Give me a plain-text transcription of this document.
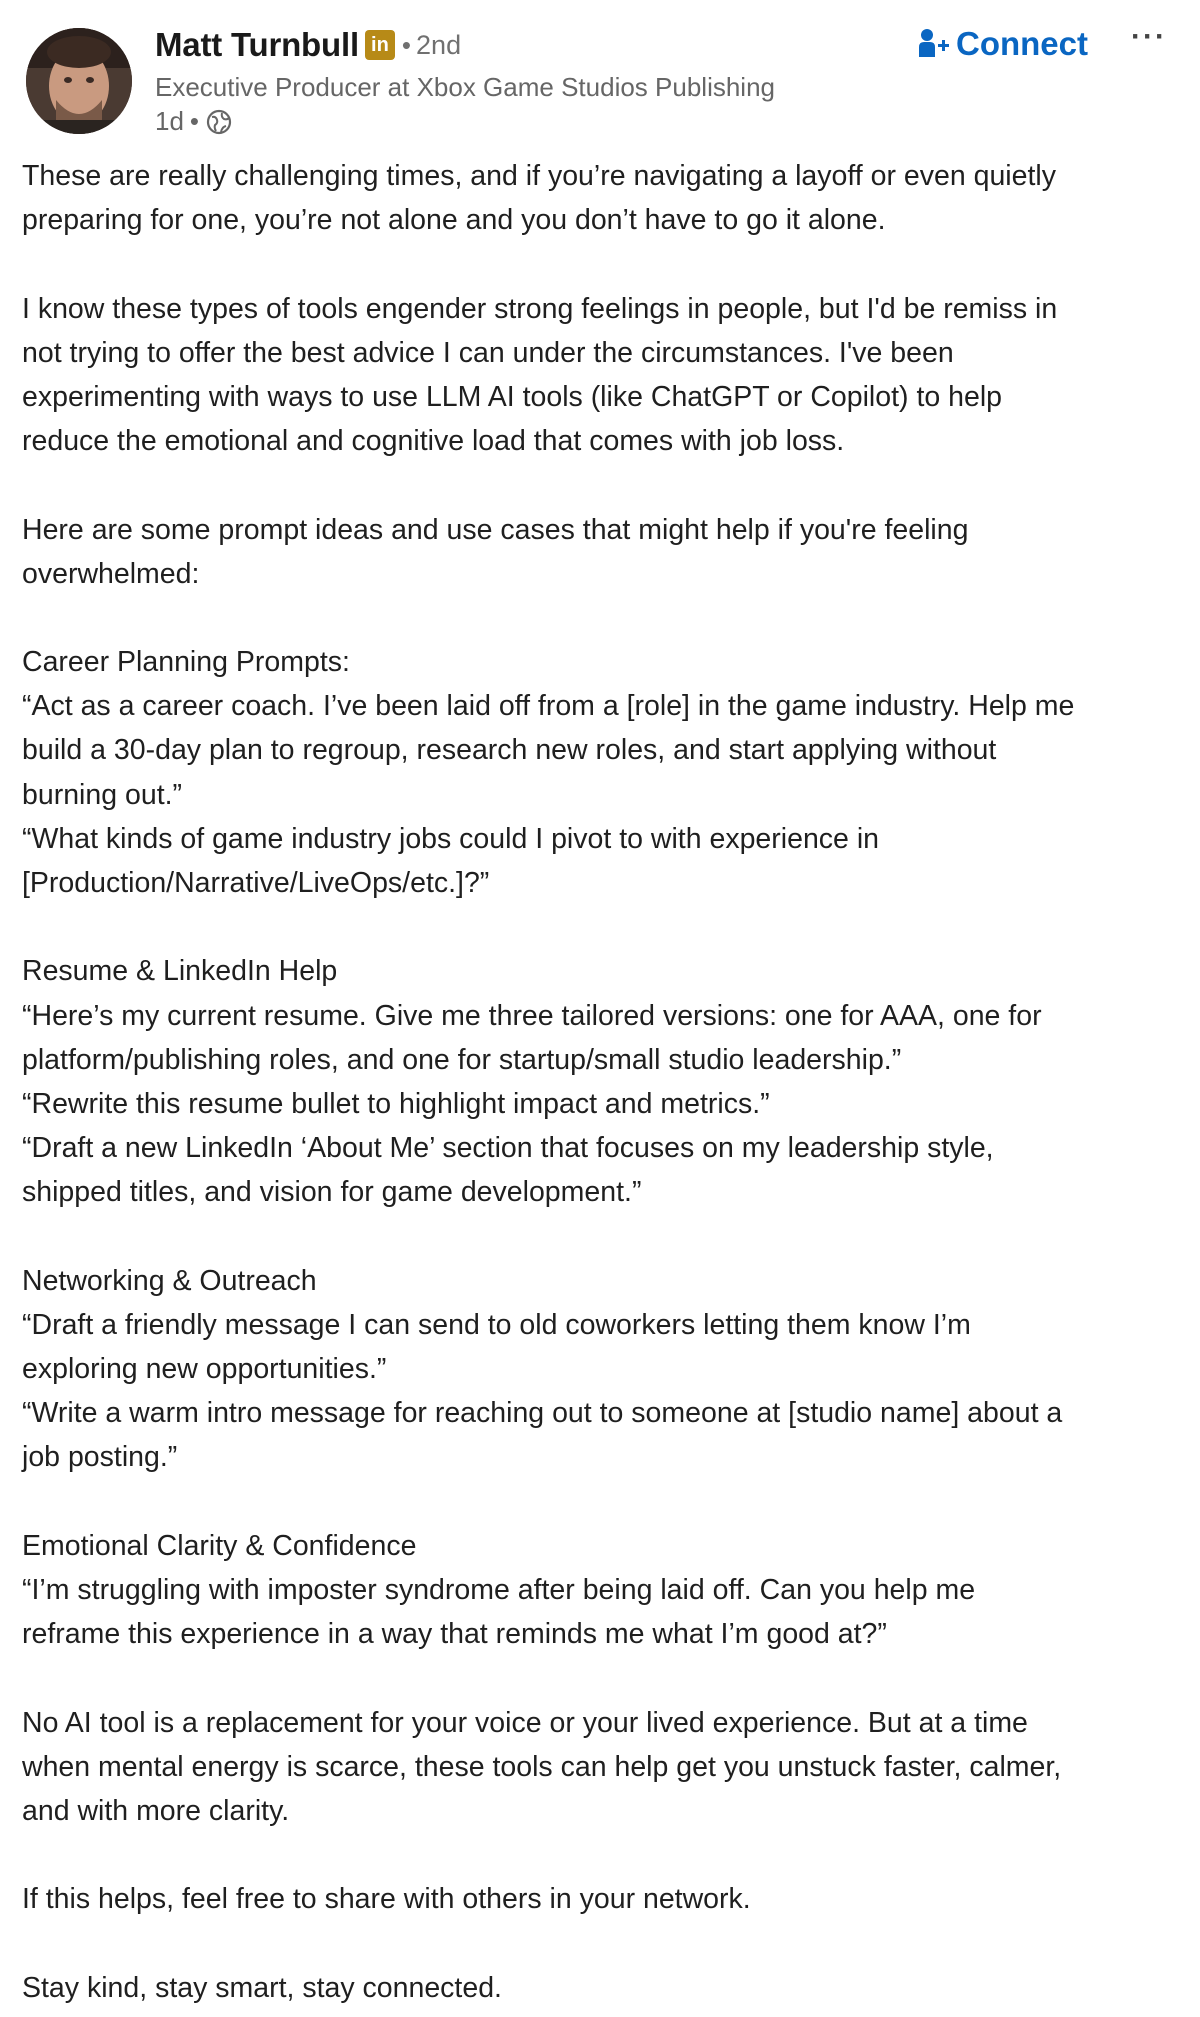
Matt Turnbull in • 2nd
Executive Producer at Xbox Game Studios Publishing
1d •
Connect ···
These are really challenging times, and if you’re navigating a layoff or even quietly
preparing for one, you’re not alone and you don’t have to go it alone.
I know these types of tools engender strong feelings in people, but I'd be remiss in
not trying to offer the best advice I can under the circumstances. I've been
experimenting with ways to use LLM AI tools (like ChatGPT or Copilot) to help
reduce the emotional and cognitive load that comes with job loss.
Here are some prompt ideas and use cases that might help if you're feeling
overwhelmed:
Career Planning Prompts:
“Act as a career coach. I’ve been laid off from a [role] in the game industry. Help me
build a 30-day plan to regroup, research new roles, and start applying without
burning out.”
“What kinds of game industry jobs could I pivot to with experience in
[Production/Narrative/LiveOps/etc.]?”
Resume & LinkedIn Help
“Here’s my current resume. Give me three tailored versions: one for AAA, one for
platform/publishing roles, and one for startup/small studio leadership.”
“Rewrite this resume bullet to highlight impact and metrics.”
“Draft a new LinkedIn ‘About Me’ section that focuses on my leadership style,
shipped titles, and vision for game development.”
Networking & Outreach
“Draft a friendly message I can send to old coworkers letting them know I’m
exploring new opportunities.”
“Write a warm intro message for reaching out to someone at [studio name] about a
job posting.”
Emotional Clarity & Confidence
“I’m struggling with imposter syndrome after being laid off. Can you help me
reframe this experience in a way that reminds me what I’m good at?”
No AI tool is a replacement for your voice or your lived experience. But at a time
when mental energy is scarce, these tools can help get you unstuck faster, calmer,
and with more clarity.
If this helps, feel free to share with others in your network.
Stay kind, stay smart, stay connected.
